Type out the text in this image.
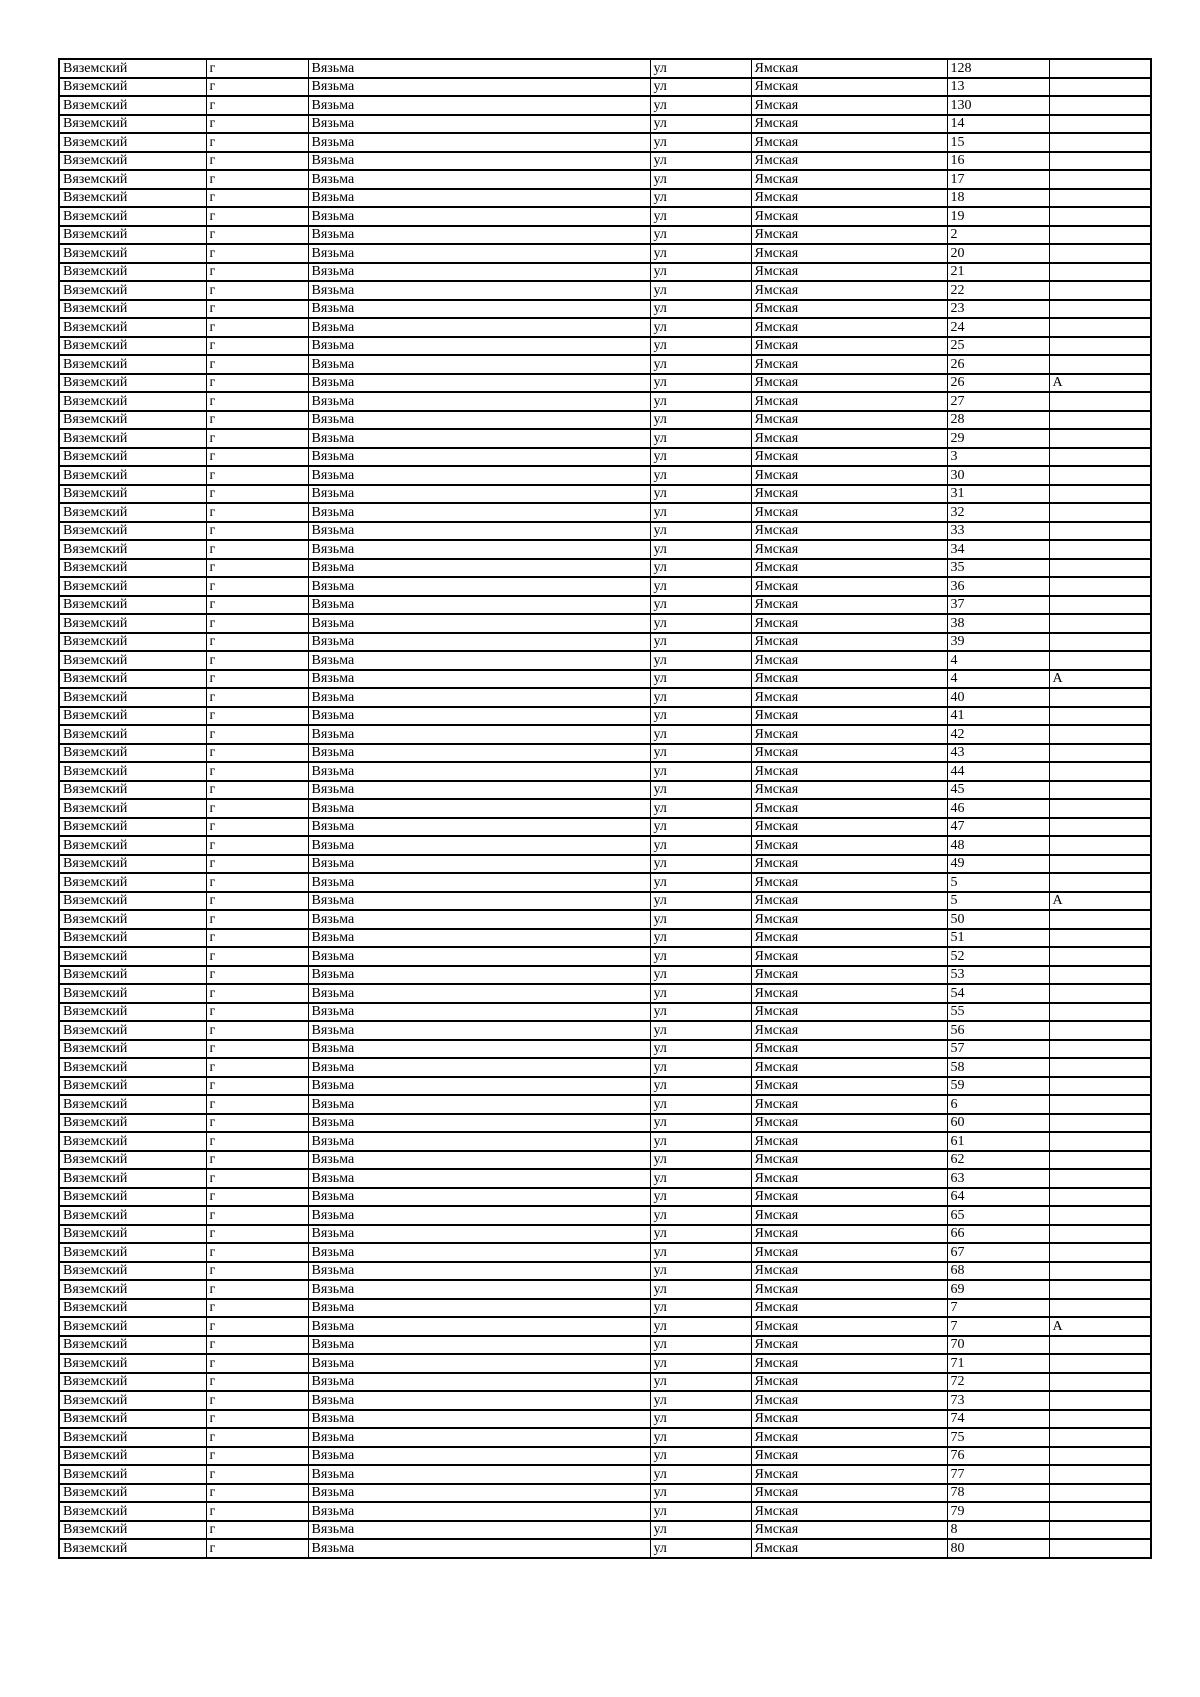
Вяземский	г	Вязьма	ул	Ямская	128	
Вяземский	г	Вязьма	ул	Ямская	13	
Вяземский	г	Вязьма	ул	Ямская	130	
Вяземский	г	Вязьма	ул	Ямская	14	
Вяземский	г	Вязьма	ул	Ямская	15	
Вяземский	г	Вязьма	ул	Ямская	16	
Вяземский	г	Вязьма	ул	Ямская	17	
Вяземский	г	Вязьма	ул	Ямская	18	
Вяземский	г	Вязьма	ул	Ямская	19	
Вяземский	г	Вязьма	ул	Ямская	2	
Вяземский	г	Вязьма	ул	Ямская	20	
Вяземский	г	Вязьма	ул	Ямская	21	
Вяземский	г	Вязьма	ул	Ямская	22	
Вяземский	г	Вязьма	ул	Ямская	23	
Вяземский	г	Вязьма	ул	Ямская	24	
Вяземский	г	Вязьма	ул	Ямская	25	
Вяземский	г	Вязьма	ул	Ямская	26	
Вяземский	г	Вязьма	ул	Ямская	26	А
Вяземский	г	Вязьма	ул	Ямская	27	
Вяземский	г	Вязьма	ул	Ямская	28	
Вяземский	г	Вязьма	ул	Ямская	29	
Вяземский	г	Вязьма	ул	Ямская	3	
Вяземский	г	Вязьма	ул	Ямская	30	
Вяземский	г	Вязьма	ул	Ямская	31	
Вяземский	г	Вязьма	ул	Ямская	32	
Вяземский	г	Вязьма	ул	Ямская	33	
Вяземский	г	Вязьма	ул	Ямская	34	
Вяземский	г	Вязьма	ул	Ямская	35	
Вяземский	г	Вязьма	ул	Ямская	36	
Вяземский	г	Вязьма	ул	Ямская	37	
Вяземский	г	Вязьма	ул	Ямская	38	
Вяземский	г	Вязьма	ул	Ямская	39	
Вяземский	г	Вязьма	ул	Ямская	4	
Вяземский	г	Вязьма	ул	Ямская	4	А
Вяземский	г	Вязьма	ул	Ямская	40	
Вяземский	г	Вязьма	ул	Ямская	41	
Вяземский	г	Вязьма	ул	Ямская	42	
Вяземский	г	Вязьма	ул	Ямская	43	
Вяземский	г	Вязьма	ул	Ямская	44	
Вяземский	г	Вязьма	ул	Ямская	45	
Вяземский	г	Вязьма	ул	Ямская	46	
Вяземский	г	Вязьма	ул	Ямская	47	
Вяземский	г	Вязьма	ул	Ямская	48	
Вяземский	г	Вязьма	ул	Ямская	49	
Вяземский	г	Вязьма	ул	Ямская	5	
Вяземский	г	Вязьма	ул	Ямская	5	А
Вяземский	г	Вязьма	ул	Ямская	50	
Вяземский	г	Вязьма	ул	Ямская	51	
Вяземский	г	Вязьма	ул	Ямская	52	
Вяземский	г	Вязьма	ул	Ямская	53	
Вяземский	г	Вязьма	ул	Ямская	54	
Вяземский	г	Вязьма	ул	Ямская	55	
Вяземский	г	Вязьма	ул	Ямская	56	
Вяземский	г	Вязьма	ул	Ямская	57	
Вяземский	г	Вязьма	ул	Ямская	58	
Вяземский	г	Вязьма	ул	Ямская	59	
Вяземский	г	Вязьма	ул	Ямская	6	
Вяземский	г	Вязьма	ул	Ямская	60	
Вяземский	г	Вязьма	ул	Ямская	61	
Вяземский	г	Вязьма	ул	Ямская	62	
Вяземский	г	Вязьма	ул	Ямская	63	
Вяземский	г	Вязьма	ул	Ямская	64	
Вяземский	г	Вязьма	ул	Ямская	65	
Вяземский	г	Вязьма	ул	Ямская	66	
Вяземский	г	Вязьма	ул	Ямская	67	
Вяземский	г	Вязьма	ул	Ямская	68	
Вяземский	г	Вязьма	ул	Ямская	69	
Вяземский	г	Вязьма	ул	Ямская	7	
Вяземский	г	Вязьма	ул	Ямская	7	А
Вяземский	г	Вязьма	ул	Ямская	70	
Вяземский	г	Вязьма	ул	Ямская	71	
Вяземский	г	Вязьма	ул	Ямская	72	
Вяземский	г	Вязьма	ул	Ямская	73	
Вяземский	г	Вязьма	ул	Ямская	74	
Вяземский	г	Вязьма	ул	Ямская	75	
Вяземский	г	Вязьма	ул	Ямская	76	
Вяземский	г	Вязьма	ул	Ямская	77	
Вяземский	г	Вязьма	ул	Ямская	78	
Вяземский	г	Вязьма	ул	Ямская	79	
Вяземский	г	Вязьма	ул	Ямская	8	
Вяземский	г	Вязьма	ул	Ямская	80	
